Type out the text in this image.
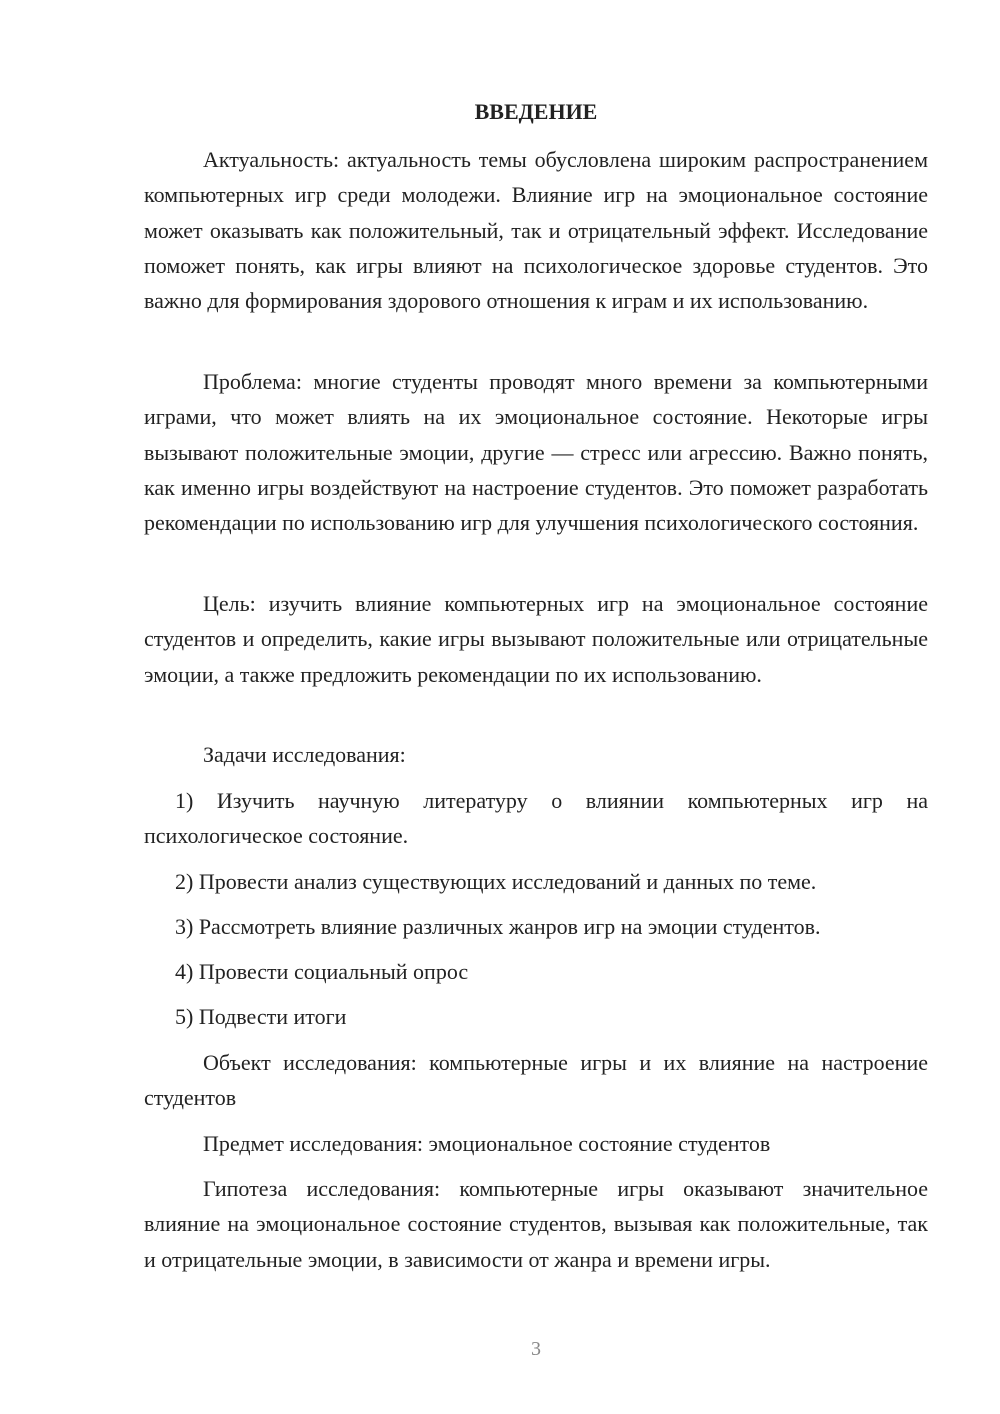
ВВЕДЕНИЕ

Актуальность: актуальность темы обусловлена широким распространением компьютерных игр среди молодежи. Влияние игр на эмоциональное состояние может оказывать как положительный, так и отрицательный эффект. Исследование поможет понять, как игры влияют на психологическое здоровье студентов. Это важно для формирования здорового отношения к играм и их использованию.

Проблема: многие студенты проводят много времени за компьютерными играми, что может влиять на их эмоциональное состояние. Некоторые игры вызывают положительные эмоции, другие — стресс или агрессию. Важно понять, как именно игры воздействуют на настроение студентов. Это поможет разработать рекомендации по использованию игр для улучшения психологического состояния.

Цель: изучить влияние компьютерных игр на эмоциональное состояние студентов и определить, какие игры вызывают положительные или отрицательные эмоции, а также предложить рекомендации по их использованию.

Задачи исследования:

1) Изучить научную литературу о влиянии компьютерных игр на психологическое состояние.

2) Провести анализ существующих исследований и данных по теме.

3) Рассмотреть влияние различных жанров игр на эмоции студентов.

4) Провести социальный опрос

5) Подвести итоги

Объект исследования: компьютерные игры и их влияние на настроение студентов

Предмет исследования: эмоциональное состояние студентов

Гипотеза исследования: компьютерные игры оказывают значительное влияние на эмоциональное состояние студентов, вызывая как положительные, так и отрицательные эмоции, в зависимости от жанра и времени игры.

3
